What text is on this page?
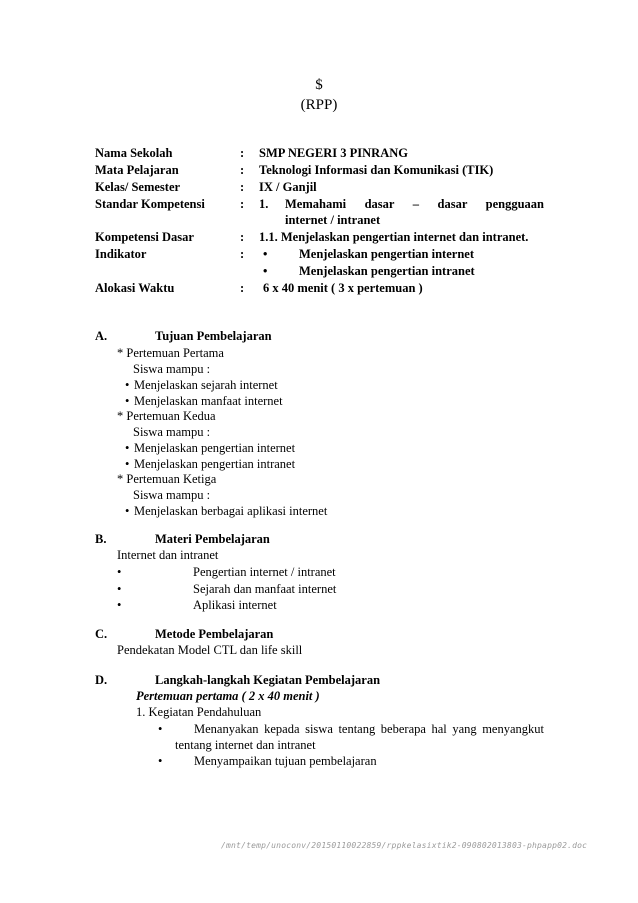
$
(RPP)
Nama Sekolah	: SMP NEGERI 3 PINRANG
Mata Pelajaran	: Teknologi Informasi dan Komunikasi (TIK)
Kelas/ Semester	: IX / Ganjil
Standar Kompetensi	: 1. Memahami dasar – dasar pengguaan
internet / intranet
Kompetensi Dasar	: 1.1. Menjelaskan pengertian internet dan intranet.
Indikator	: •	Menjelaskan pengertian internet
•	Menjelaskan pengertian intranet
Alokasi Waktu	: 6 x 40 menit ( 3 x pertemuan )
A.	Tujuan Pembelajaran
* Pertemuan Pertama
Siswa mampu :
• Menjelaskan sejarah internet
• Menjelaskan manfaat internet
* Pertemuan Kedua
Siswa mampu :
• Menjelaskan pengertian internet
• Menjelaskan pengertian intranet
* Pertemuan Ketiga
Siswa mampu :
• Menjelaskan berbagai aplikasi internet
B.	Materi Pembelajaran
Internet dan intranet
•	Pengertian internet / intranet
•	Sejarah dan manfaat internet
•	Aplikasi internet
C.	Metode Pembelajaran
Pendekatan Model CTL dan life skill
D.	Langkah-langkah Kegiatan Pembelajaran
Pertemuan pertama ( 2 x 40 menit )
1. Kegiatan Pendahuluan
•	Menanyakan kepada siswa tentang beberapa hal yang menyangkut
tentang internet dan intranet
•	Menyampaikan tujuan pembelajaran
/mnt/temp/unoconv/20150110022859/rppkelasixtik2-090802013803-phpapp02.doc
